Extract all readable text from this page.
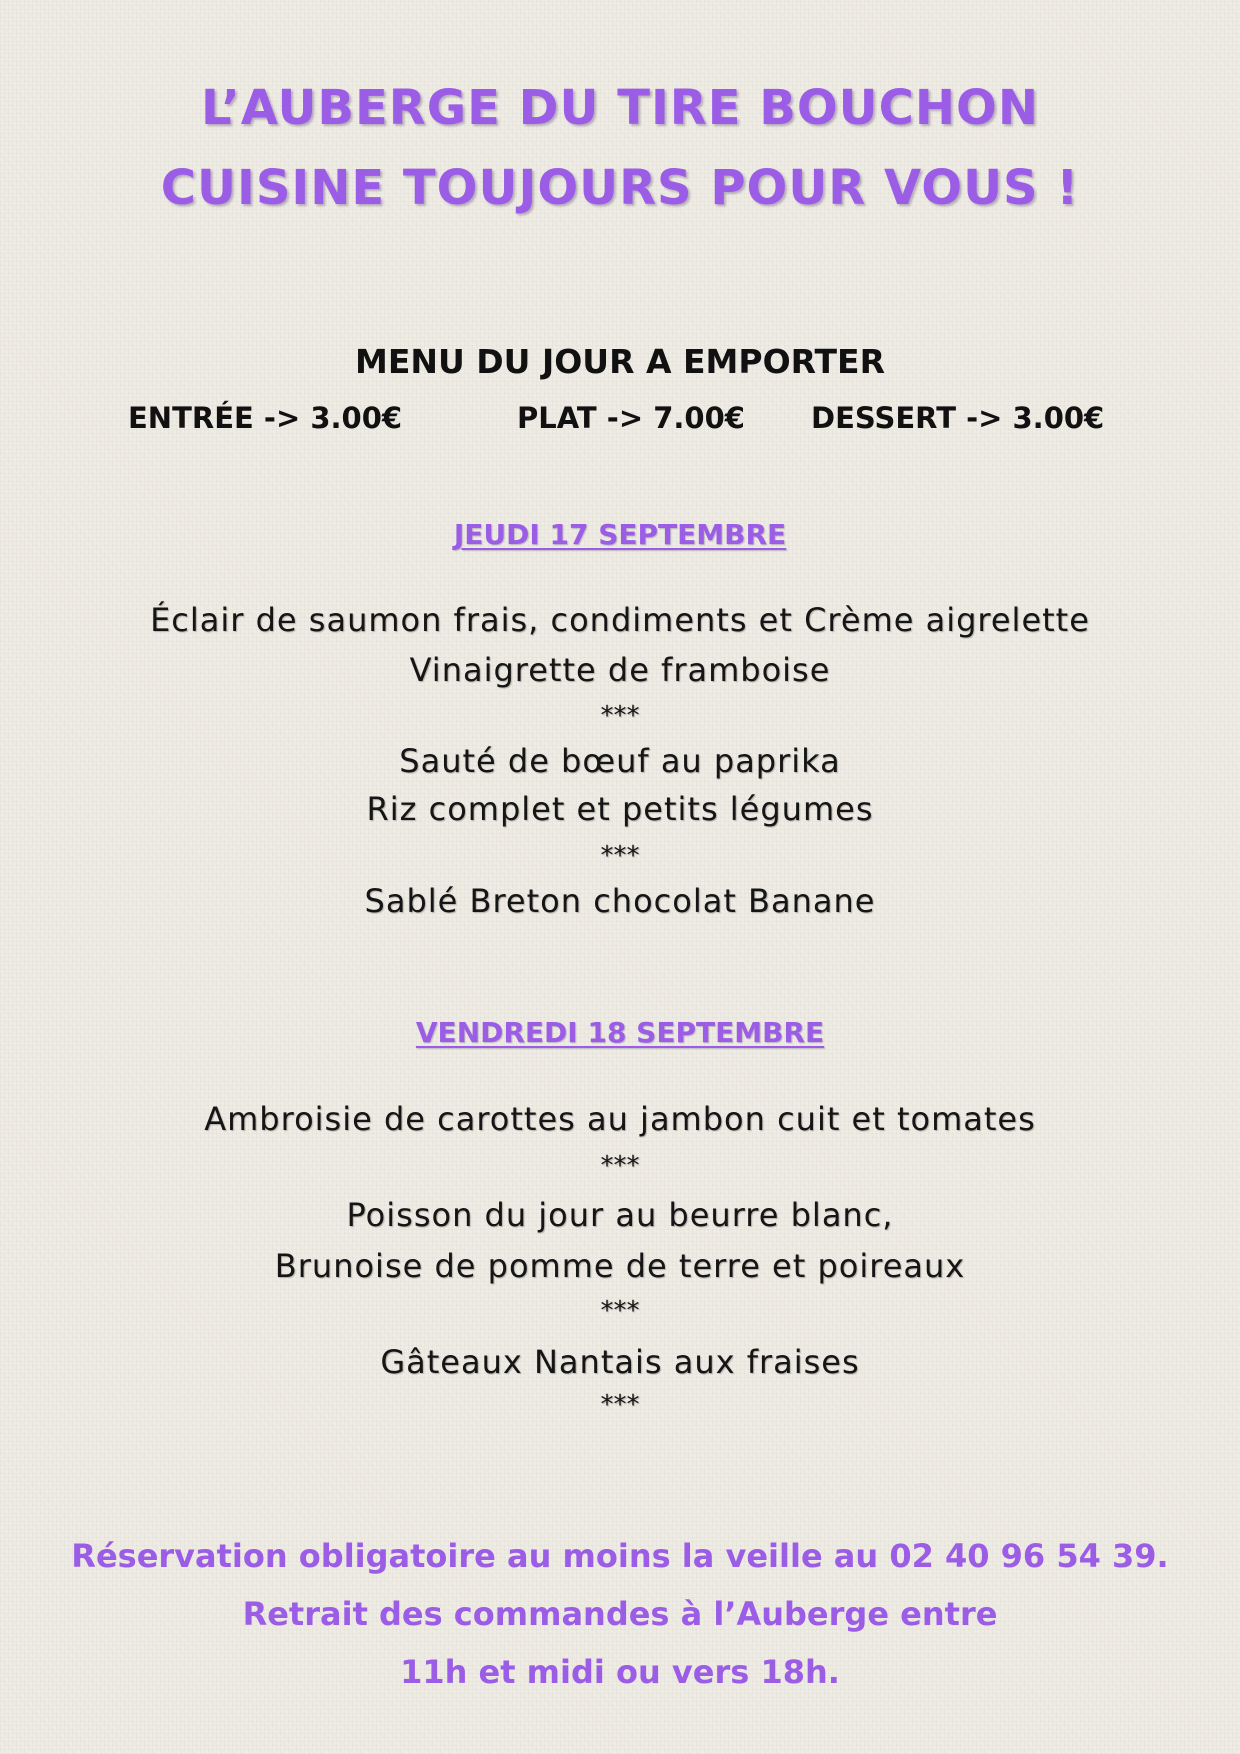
L’AUBERGE DU TIRE BOUCHON
CUISINE TOUJOURS POUR VOUS !
MENU DU JOUR A EMPORTER
ENTRÉE -> 3.00€	PLAT -> 7.00€ DESSERT -> 3.00€
JEUDI 17 SEPTEMBRE
Éclair de saumon frais, condiments et Crème aigrelette
Vinaigrette de framboise
***
Sauté de bœuf au paprika
Riz complet et petits légumes
***
Sablé Breton chocolat Banane
VENDREDI 18 SEPTEMBRE
Ambroisie de carottes au jambon cuit et tomates
***
Poisson du jour au beurre blanc,
Brunoise de pomme de terre et poireaux
***
Gâteaux Nantais aux fraises
***
Réservation obligatoire au moins la veille au 02 40 96 54 39.
Retrait des commandes à l’Auberge entre
11h et midi ou vers 18h.
